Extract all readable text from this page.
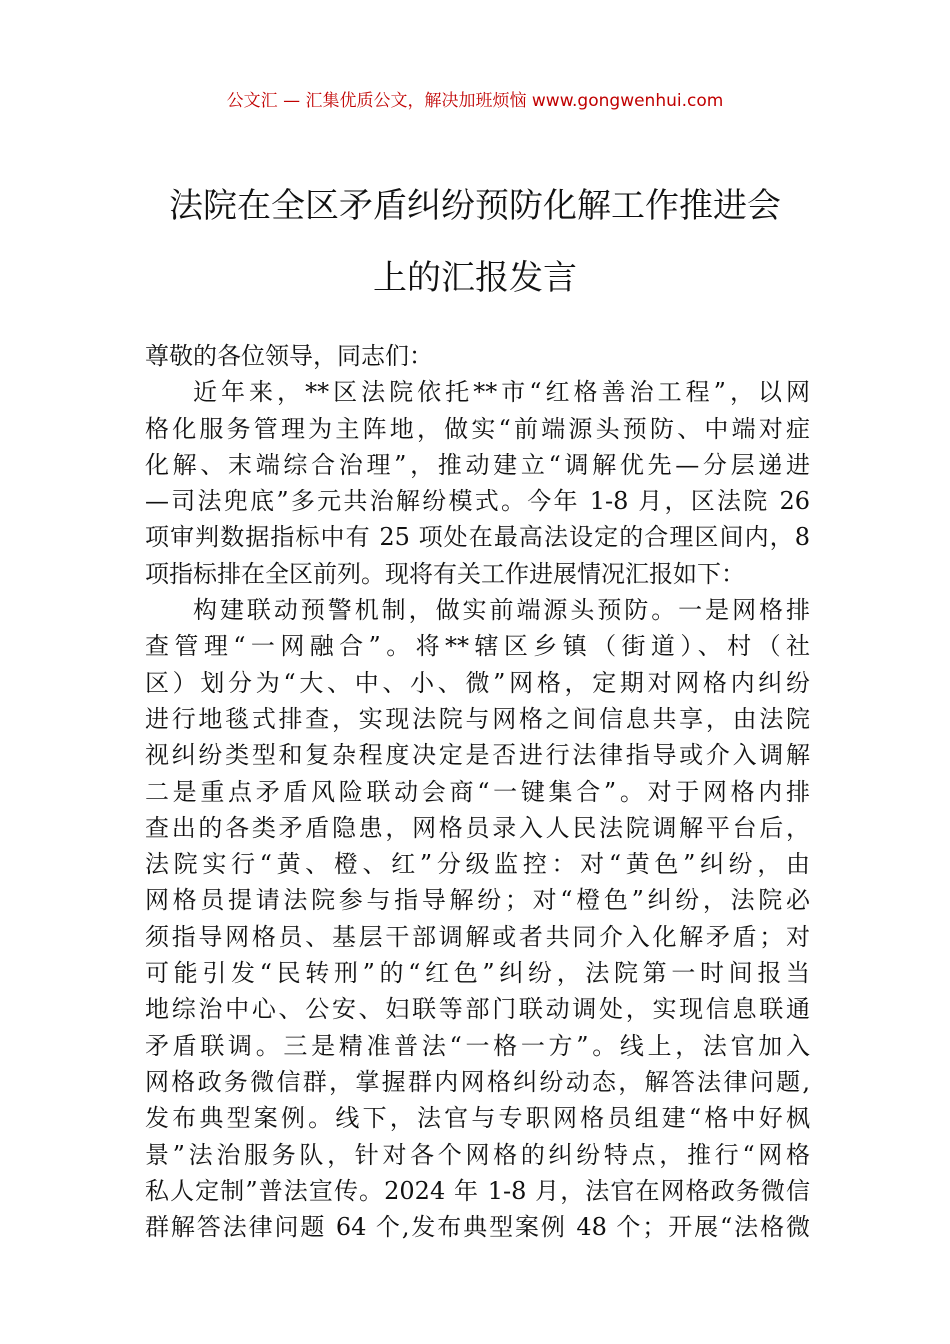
公文汇 — 汇集优质公文，解决加班烦恼 www.gongwenhui.com
法院在全区矛盾纠纷预防化解工作推进会
上的汇报发言
尊敬的各位领导，同志们：
近年来，**区法院依托**市“红格善治工程”，以网
格化服务管理为主阵地，做实“前端源头预防、中端对症
化解、末端综合治理”，推动建立“调解优先—分层递进
—司法兜底”多元共治解纷模式。今年 1-8 月，区法院 26
项审判数据指标中有 25 项处在最高法设定的合理区间内，8
项指标排在全区前列。现将有关工作进展情况汇报如下：
构建联动预警机制，做实前端源头预防。一是网格排
查管理“一网融合”。将**辖区乡镇（街道）、村（社
区）划分为“大、中、小、微”网格，定期对网格内纠纷
进行地毯式排查，实现法院与网格之间信息共享，由法院
视纠纷类型和复杂程度决定是否进行法律指导或介入调解
二是重点矛盾风险联动会商“一键集合”。对于网格内排
查出的各类矛盾隐患，网格员录入人民法院调解平台后，
法院实行“黄、橙、红”分级监控：对“黄色”纠纷，由
网格员提请法院参与指导解纷；对“橙色”纠纷，法院必
须指导网格员、基层干部调解或者共同介入化解矛盾；对
可能引发“民转刑”的“红色”纠纷，法院第一时间报当
地综治中心、公安、妇联等部门联动调处，实现信息联通
矛盾联调。三是精准普法“一格一方”。线上，法官加入
网格政务微信群，掌握群内网格纠纷动态，解答法律问题,
发布典型案例。线下，法官与专职网格员组建“格中好枫
景”法治服务队，针对各个网格的纠纷特点，推行“网格
私人定制”普法宣传。2024 年 1-8 月，法官在网格政务微信
群解答法律问题 64 个,发布典型案例 48 个；开展“法格微
